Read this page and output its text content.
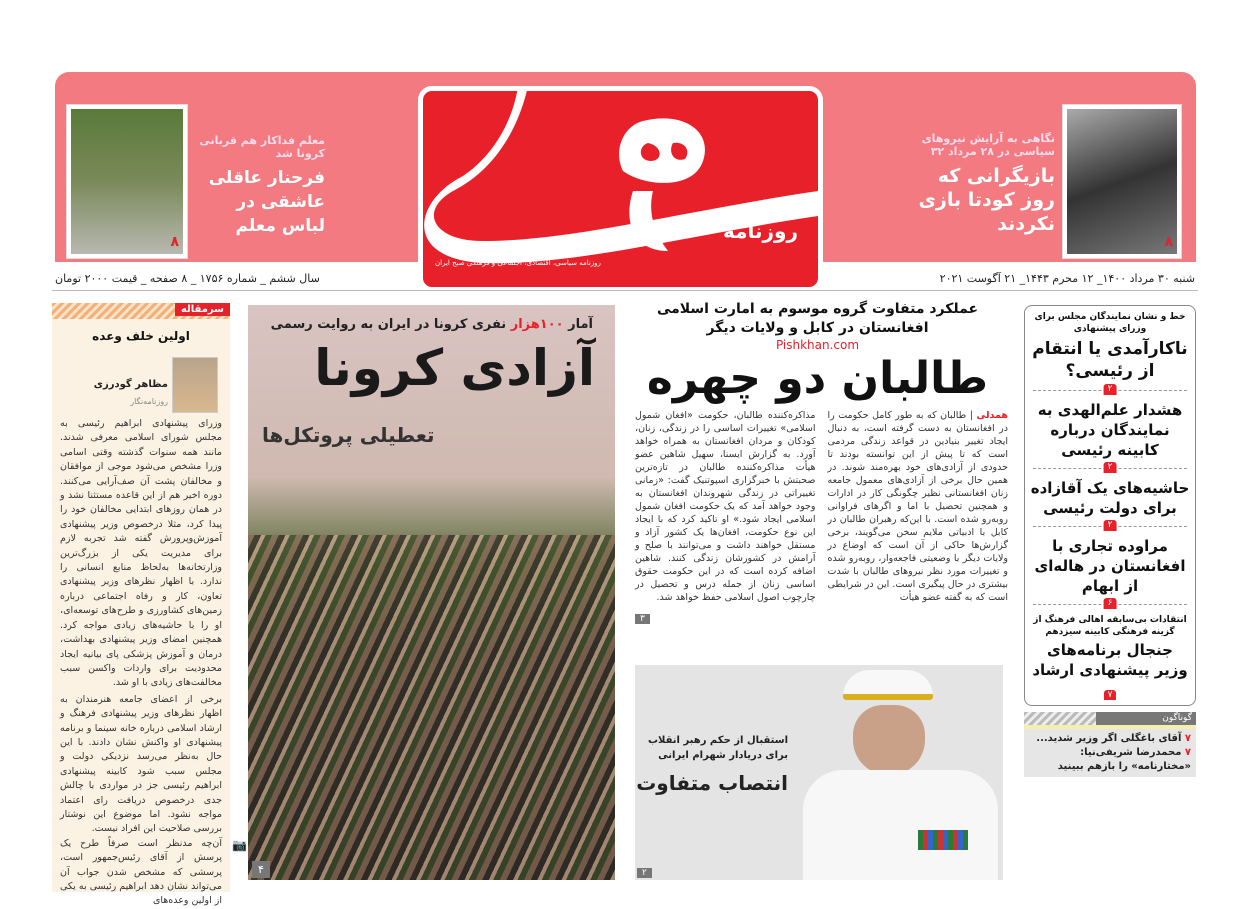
روزنامه
روزنامه سیاسی، اقتصادی، اجتماعی و فرهنگی صبح ایران
۸
نگاهی به آرایش نیروهای سیاسی در ۲۸ مرداد ۳۲
بازیگرانی که روز کودتا بازی نکردند
۸
معلم فداکار هم قربانی کرونا شد
فرحنار عاقلی عاشقی در لباس معلم
شنبه ۳۰ مرداد ۱۴۰۰_ ۱۲ محرم ۱۴۴۳_ ۲۱ آگوست ۲۰۲۱
سال ششم _ شماره ۱۷۵۶ _ ۸ صفحه _ قیمت ۲۰۰۰ تومان
سرمقاله
اولین خلف وعده
مظاهر گودرزی
روزنامه‌نگار

وزرای پیشنهادی ابراهیم رئیسی به مجلس شورای اسلامی معرفی شدند. مانند همه سنوات گذشته وقتی اسامی وزرا مشخص می‌شود موجی از موافقان و مخالفان پشت آن صف‌آرایی می‌کنند. دوره اخیر هم از این قاعده مستثنا نشد و در همان روزهای ابتدایی مخالفان خود را پیدا کرد، مثلا درخصوص وزیر پیشنهادی آموزش‌وپرورش گفته شد تجربه لازم برای مدیریت یکی از بزرگ‌ترین وزارتخانه‌ها به‌لحاظ منابع انسانی را ندارد. با اظهار نظرهای وزیر پیشنهادی تعاون، کار و رفاه اجتماعی درباره زمین‌های کشاورزی و طرح‌های توسعه‌ای، او را با حاشیه‌های زیادی مواجه کرد. همچنین امضای وزیر پیشنهادی بهداشت، درمان و آموزش پزشکی پای بیانیه ایجاد محدودیت برای واردات واکسن سبب مخالفت‌های زیادی با او شد.

برخی از اعضای جامعه هنرمندان به اظهار نظرهای وزیر پیشنهادی فرهنگ و ارشاد اسلامی درباره خانه سینما و برنامه پیشنهادی او واکنش نشان دادند. با این حال به‌نظر می‌رسد نزدیکی دولت و مجلس سبب شود کابینه پیشنهادی ابراهیم رئیسی جز در مواردی با چالش جدی درخصوص دریافت رای اعتماد مواجه نشود. اما موضوع این نوشتار بررسی صلاحیت این افراد نیست.

آن‌چه مدنظر است صرفاً طرح یک پرسش از آقای رئیس‌جمهور است، پرسشی که مشخص شدن جواب آن می‌تواند نشان دهد ابراهیم رئیسی به یکی از اولین وعده‌های

آمار ۱۰۰هزار نفری کرونا در ایران به روایت رسمی
آزادی کرونا
تعطیلی پروتکل‌ها
۴
📷
عملکرد متفاوت گروه موسوم به امارت اسلامی افغانستان در کابل و ولایات دیگر
Pishkhan.com
طالبان دو چهره

همدلی | طالبان که به طور کامل حکومت را در افغانستان به دست گرفته است، به دنبال ایجاد تغییر بنیادین در قواعد زندگی مردمی است که تا پیش از این توانسته بودند تا حدودی از آزادی‌های خود بهره‌مند شوند. در همین حال برخی از آزادی‌های معمول جامعه زنان افغانستانی نظیر چگونگی کار در ادارات و همچنین تحصیل با اما و اگرهای فراوانی روبه‌رو شده است. با این‌که رهبران طالبان در کابل با ادبیاتی ملایم سخن می‌گویند، برخی گزارش‌ها حاکی از آن است که اوضاع در ولایات دیگر با وضعیتی فاجعه‌وار، روبه‌رو شده و تغییرات مورد نظر نیروهای طالبان با شدت بیشتری در حال پیگیری است. این در شرایطی است که به گفته عضو هیأت

مذاکره‌کننده طالبان، حکومت «افغان شمول اسلامی» تغییرات اساسی را در زندگی، زنان، کودکان و مردان افغانستان به همراه خواهد آورد. به گزارش ایسنا، سهیل شاهین عضو هیأت مذاکره‌کننده طالبان در تازه‌ترین صحبتش با خبرگزاری اسپوتنیک گفت: «زمانی تغییراتی در زندگی شهروندان افغانستان به وجود خواهد آمد که یک حکومت افغان شمول اسلامی ایجاد شود.» او تاکید کرد که با ایجاد این نوع حکومت، افغان‌ها یک کشور آزاد و مستقل خواهند داشت و می‌توانند با صلح و آرامش در کشورشان زندگی کنند. شاهین اضافه کرده است که در این حکومت حقوق اساسی زنان از جمله درس و تحصیل در چارچوب اصول اسلامی حفظ خواهد شد.

۳
استقبال از حکم رهبر انقلاب برای دریادار شهرام ایرانی
انتصاب متفاوت
۲
خط و نشان نمایندگان مجلس برای وزرای پیشنهادی
ناکارآمدی یا انتقام از رئیسی؟
۲
هشدار علم‌الهدی به نمایندگان درباره کابینه رئیسی
۲
حاشیه‌های یک آقازاده برای دولت رئیسی
۲
مراوده تجاری با افغانستان در هاله‌ای از ابهام
۶
انتقادات بی‌سابقه اهالی فرهنگ از گزینه فرهنگی کابینه سیزدهم
جنجال برنامه‌های وزیر پیشنهادی ارشاد
۷
گوناگون
۷ آقای باغگلی اگر وزیر شدید...
۷ محمدرضا شریفی‌نیا: «مختارنامه» را بازهم ببینید
